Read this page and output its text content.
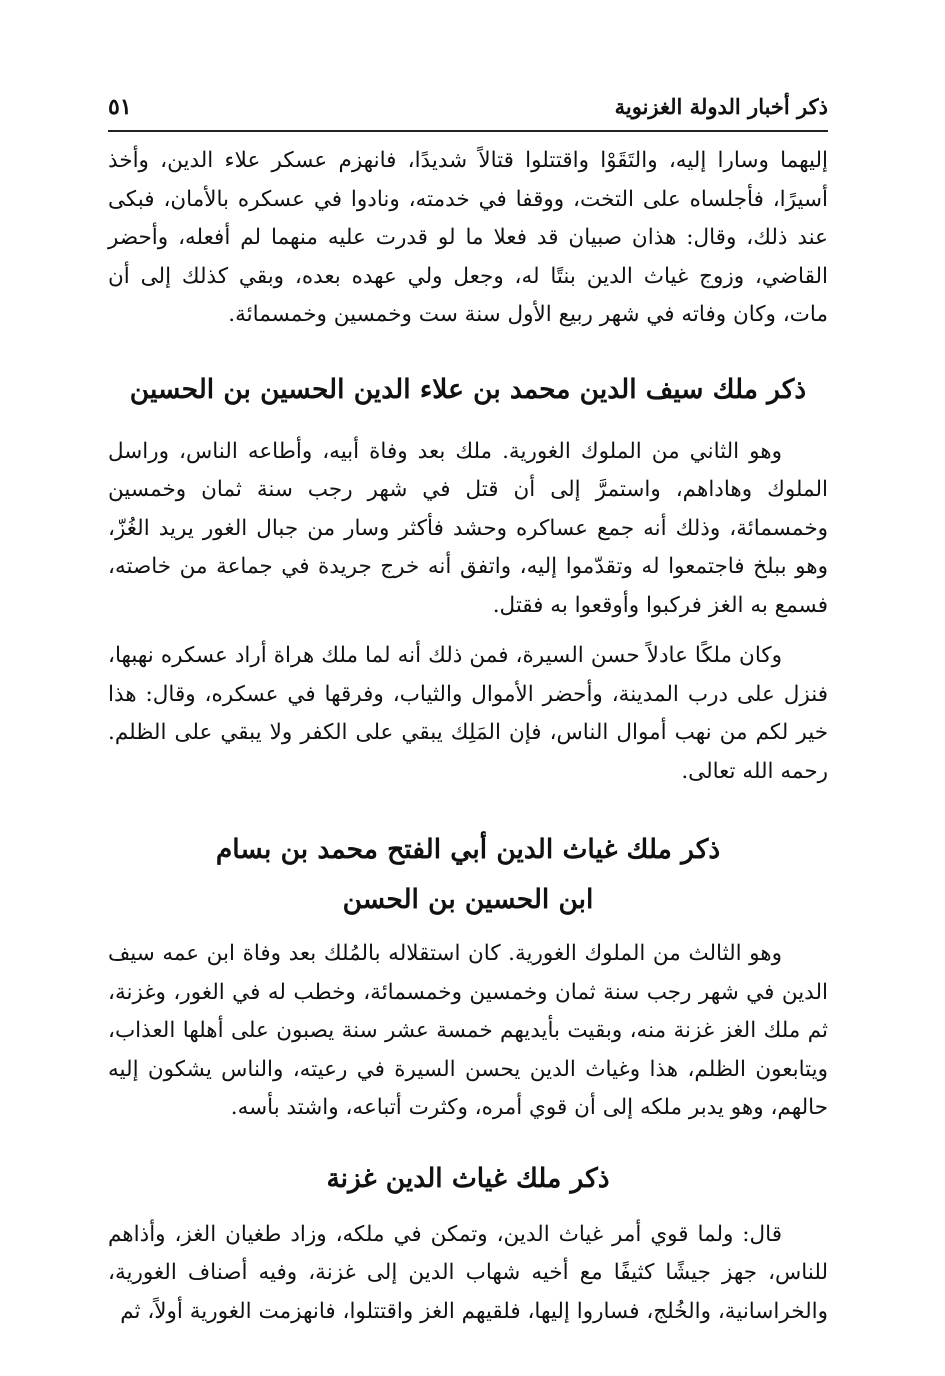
ذكر أخبار الدولة الغزنوية
٥١

إليهما وسارا إليه، والتَقَوْا واقتتلوا قتالاً شديدًا، فانهزم عسكر علاء الدين، وأخذ أسيرًا، فأجلساه على التخت، ووقفا في خدمته، ونادوا في عسكره بالأمان، فبكى عند ذلك، وقال: هذان صبيان قد فعلا ما لو قدرت عليه منهما لم أفعله، وأحضر القاضي، وزوج غياث الدين بنتًا له، وجعل ولي عهده بعده، وبقي كذلك إلى أن مات، وكان وفاته في شهر ربيع الأول سنة ست وخمسين وخمسمائة.

ذكر ملك سيف الدين محمد بن علاء الدين الحسين بن الحسين

وهو الثاني من الملوك الغورية. ملك بعد وفاة أبيه، وأطاعه الناس، وراسل الملوك وهاداهم، واستمرَّ إلى أن قتل في شهر رجب سنة ثمان وخمسين وخمسمائة، وذلك أنه جمع عساكره وحشد فأكثر وسار من جبال الغور يريد الغُزّ، وهو ببلخ فاجتمعوا له وتقدّموا إليه، واتفق أنه خرج جريدة في جماعة من خاصته، فسمع به الغز فركبوا وأوقعوا به فقتل.

وكان ملكًا عادلاً حسن السيرة، فمن ذلك أنه لما ملك هراة أراد عسكره نهبها، فنزل على درب المدينة، وأحضر الأموال والثياب، وفرقها في عسكره، وقال: هذا خير لكم من نهب أموال الناس، فإن المَلِك يبقي على الكفر ولا يبقي على الظلم. رحمه الله تعالى.

ذكر ملك غياث الدين أبي الفتح محمد بن بسام
ابن الحسين بن الحسن

وهو الثالث من الملوك الغورية. كان استقلاله بالمُلك بعد وفاة ابن عمه سيف الدين في شهر رجب سنة ثمان وخمسين وخمسمائة، وخطب له في الغور، وغزنة، ثم ملك الغز غزنة منه، وبقيت بأيديهم خمسة عشر سنة يصبون على أهلها العذاب، ويتابعون الظلم، هذا وغياث الدين يحسن السيرة في رعيته، والناس يشكون إليه حالهم، وهو يدبر ملكه إلى أن قوي أمره، وكثرت أتباعه، واشتد بأسه.

ذكر ملك غياث الدين غزنة

قال: ولما قوي أمر غياث الدين، وتمكن في ملكه، وزاد طغيان الغز، وأذاهم للناس، جهز جيشًا كثيفًا مع أخيه شهاب الدين إلى غزنة، وفيه أصناف الغورية، والخراسانية، والخُلج، فساروا إليها، فلقيهم الغز واقتتلوا، فانهزمت الغورية أولاً، ثم
